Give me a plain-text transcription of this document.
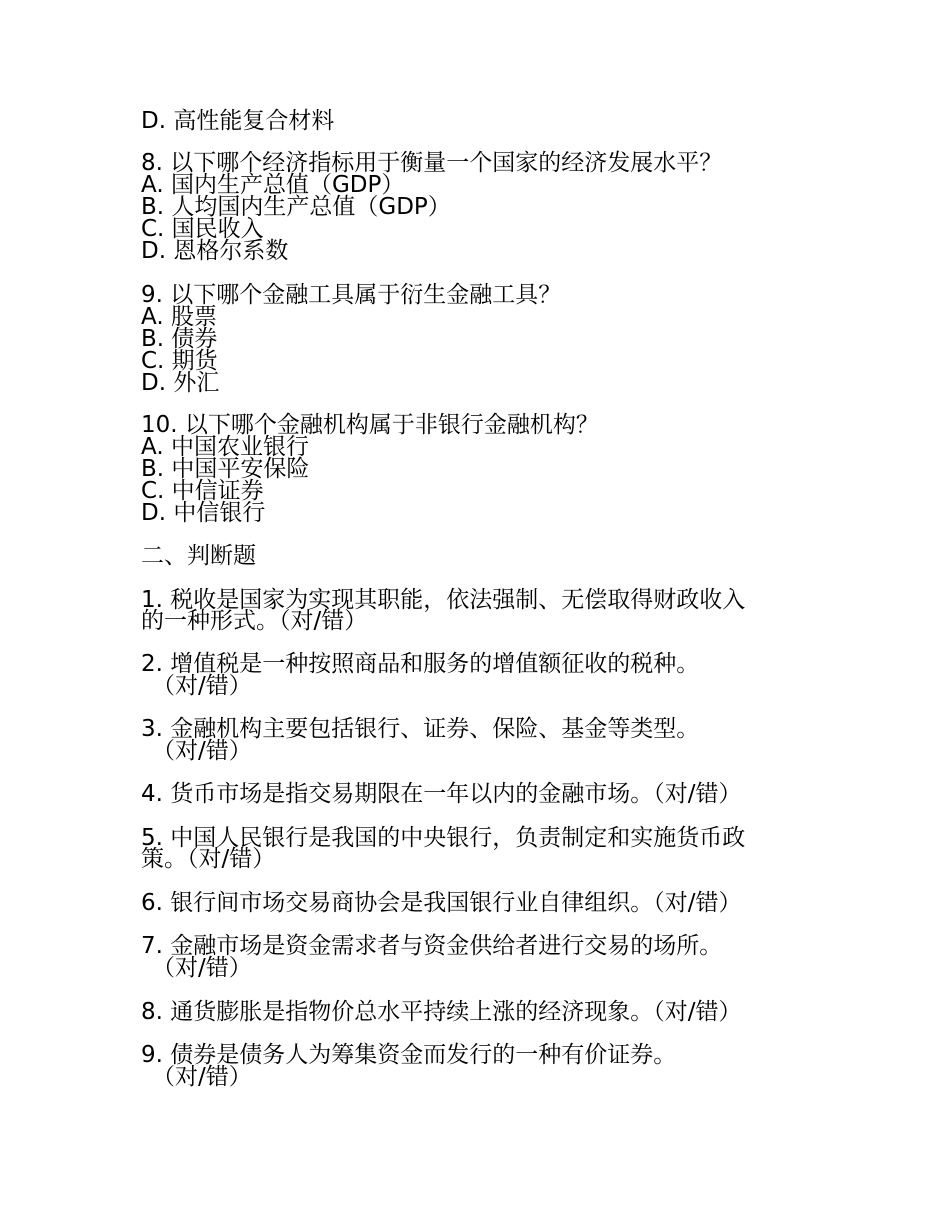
D. 高性能复合材料
8. 以下哪个经济指标用于衡量一个国家的经济发展水平？
A. 国内生产总值（GDP）
B. 人均国内生产总值（GDP）
C. 国民收入
D. 恩格尔系数
9. 以下哪个金融工具属于衍生金融工具？
A. 股票
B. 债券
C. 期货
D. 外汇
10. 以下哪个金融机构属于非银行金融机构？
A. 中国农业银行
B. 中国平安保险
C. 中信证券
D. 中信银行
二、判断题
1. 税收是国家为实现其职能，依法强制、无偿取得财政收入
的一种形式。（对/错）
2. 增值税是一种按照商品和服务的增值额征收的税种。
（对/错）
3. 金融机构主要包括银行、证券、保险、基金等类型。
（对/错）
4. 货币市场是指交易期限在一年以内的金融市场。（对/错）
5. 中国人民银行是我国的中央银行，负责制定和实施货币政
策。（对/错）
6. 银行间市场交易商协会是我国银行业自律组织。（对/错）
7. 金融市场是资金需求者与资金供给者进行交易的场所。
（对/错）
8. 通货膨胀是指物价总水平持续上涨的经济现象。（对/错）
9. 债券是债务人为筹集资金而发行的一种有价证券。
（对/错）
